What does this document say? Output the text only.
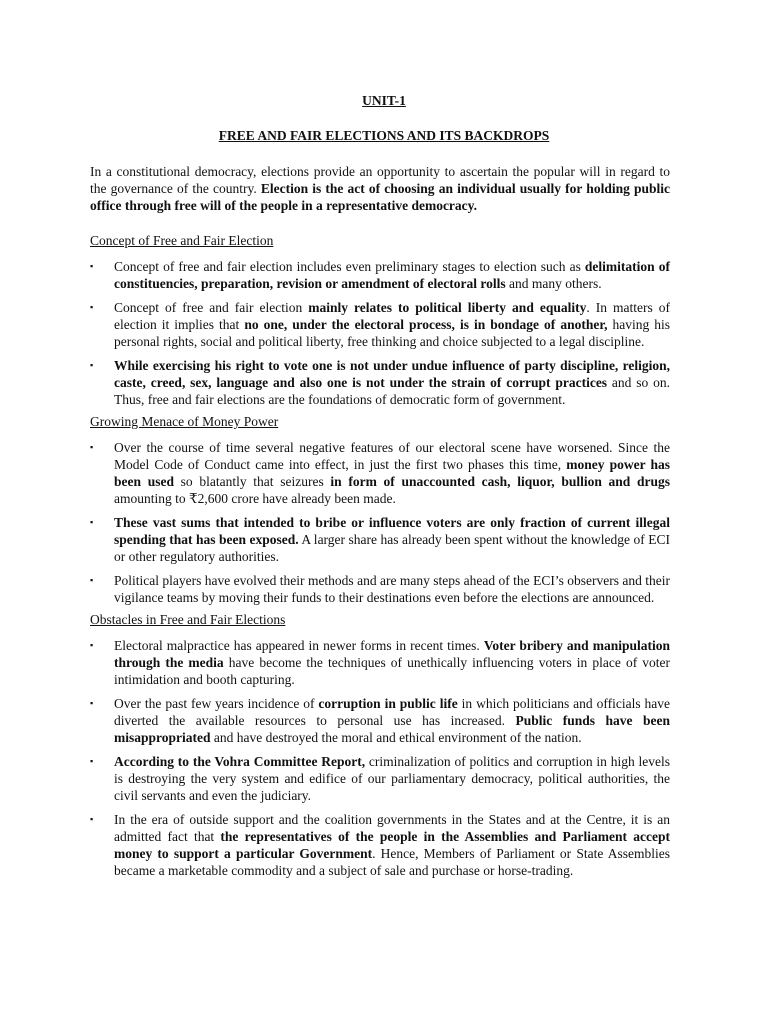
UNIT-1
FREE AND FAIR ELECTIONS AND ITS BACKDROPS

In a constitutional democracy, elections provide an opportunity to ascertain the popular will in regard to the governance of the country. Election is the act of choosing an individual usually for holding public office through free will of the people in a representative democracy.

Concept of Free and Fair Election

▪ Concept of free and fair election includes even preliminary stages to election such as delimitation of constituencies, preparation, revision or amendment of electoral rolls and many others.
▪ Concept of free and fair election mainly relates to political liberty and equality. In matters of election it implies that no one, under the electoral process, is in bondage of another, having his personal rights, social and political liberty, free thinking and choice subjected to a legal discipline.
▪ While exercising his right to vote one is not under undue influence of party discipline, religion, caste, creed, sex, language and also one is not under the strain of corrupt practices and so on. Thus, free and fair elections are the foundations of democratic form of government.

Growing Menace of Money Power

▪ Over the course of time several negative features of our electoral scene have worsened. Since the Model Code of Conduct came into effect, in just the first two phases this time, money power has been used so blatantly that seizures in form of unaccounted cash, liquor, bullion and drugs amounting to ₹2,600 crore have already been made.
▪ These vast sums that intended to bribe or influence voters are only fraction of current illegal spending that has been exposed. A larger share has already been spent without the knowledge of ECI or other regulatory authorities.
▪ Political players have evolved their methods and are many steps ahead of the ECI’s observers and their vigilance teams by moving their funds to their destinations even before the elections are announced.

Obstacles in Free and Fair Elections

▪ Electoral malpractice has appeared in newer forms in recent times. Voter bribery and manipulation through the media have become the techniques of unethically influencing voters in place of voter intimidation and booth capturing.
▪ Over the past few years incidence of corruption in public life in which politicians and officials have diverted the available resources to personal use has increased. Public funds have been misappropriated and have destroyed the moral and ethical environment of the nation.
▪ According to the Vohra Committee Report, criminalization of politics and corruption in high levels is destroying the very system and edifice of our parliamentary democracy, political authorities, the civil servants and even the judiciary.
▪ In the era of outside support and the coalition governments in the States and at the Centre, it is an admitted fact that the representatives of the people in the Assemblies and Parliament accept money to support a particular Government. Hence, Members of Parliament or State Assemblies became a marketable commodity and a subject of sale and purchase or horse-trading.
